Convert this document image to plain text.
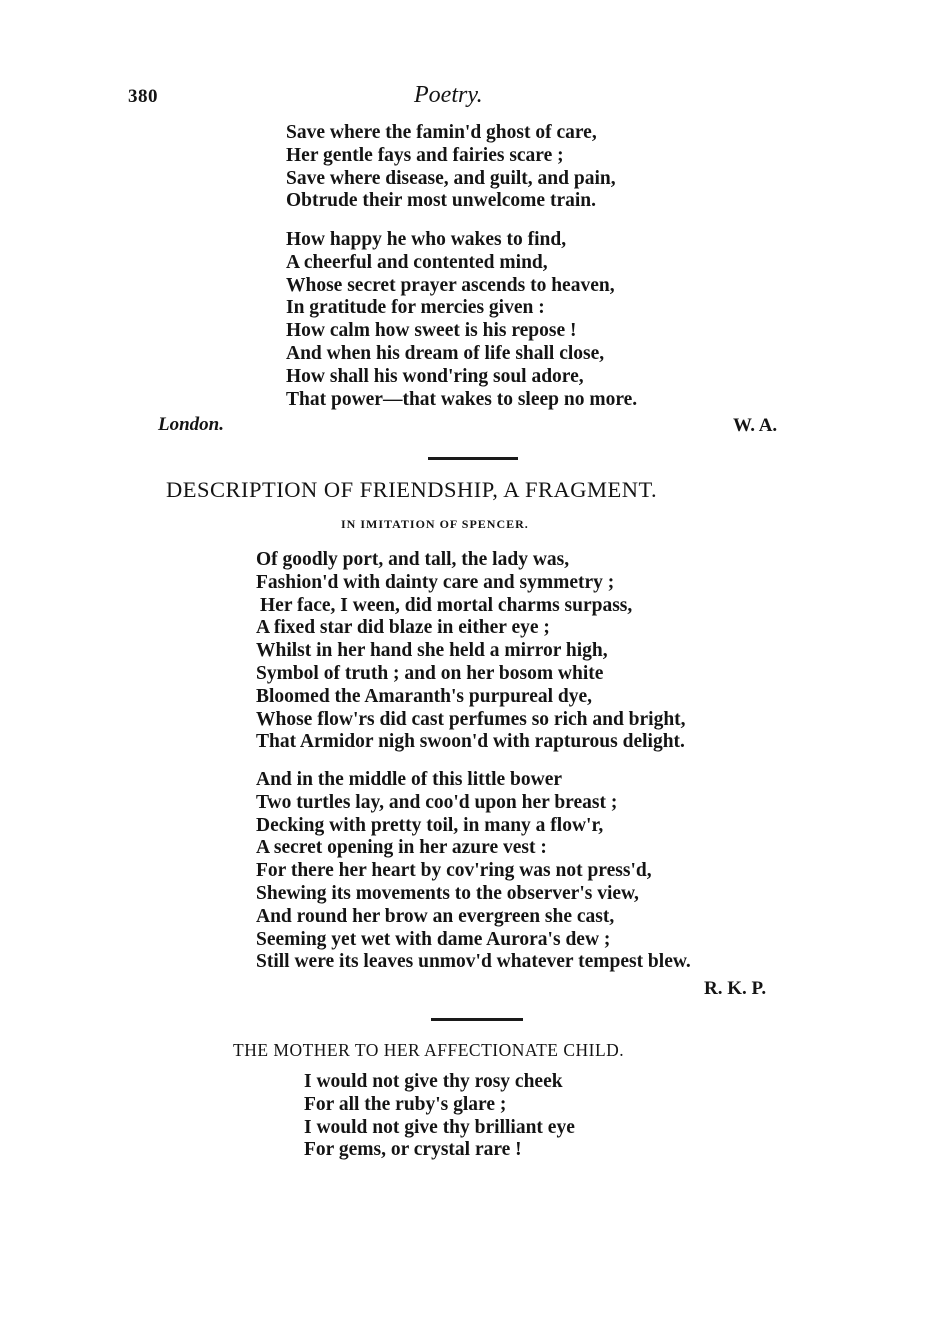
380	Poetry.
Save where the famin'd ghost of care,
Her gentle fays and fairies scare ;
Save where disease, and guilt, and pain,
Obtrude their most unwelcome train.
How happy he who wakes to find,
A cheerful and contented mind,
Whose secret prayer ascends to heaven,
In gratitude for mercies given :
How calm how sweet is his repose !
And when his dream of life shall close,
How shall his wond'ring soul adore,
That power—that wakes to sleep no more.
London.	W. A.
DESCRIPTION OF FRIENDSHIP, A FRAGMENT.
IN IMITATION OF SPENCER.
Of goodly port, and tall, the lady was,
Fashion'd with dainty care and symmetry ;
Her face, I ween, did mortal charms surpass,
A fixed star did blaze in either eye ;
Whilst in her hand she held a mirror high,
Symbol of truth ; and on her bosom white
Bloomed the Amaranth's purpureal dye,
Whose flow'rs did cast perfumes so rich and bright,
That Armidor nigh swoon'd with rapturous delight.
And in the middle of this little bower
Two turtles lay, and coo'd upon her breast ;
Decking with pretty toil, in many a flow'r,
A secret opening in her azure vest :
For there her heart by cov'ring was not press'd,
Shewing its movements to the observer's view,
And round her brow an evergreen she cast,
Seeming yet wet with dame Aurora's dew ;
Still were its leaves unmov'd whatever tempest blew.
R. K. P.
THE MOTHER TO HER AFFECTIONATE CHILD.
I would not give thy rosy cheek
For all the ruby's glare ;
I would not give thy brilliant eye
For gems, or crystal rare !
